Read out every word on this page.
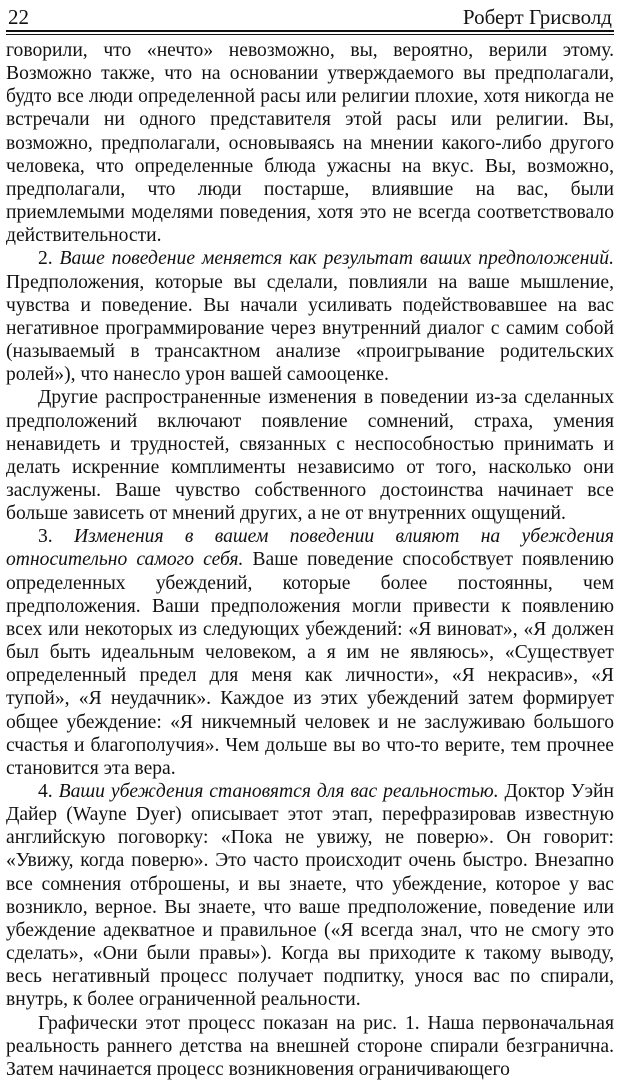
22	Роберт Грисволд

говорили, что «нечто» невозможно, вы, вероятно, верили этому. Возможно также, что на основании утверждаемого вы предполагали, будто все люди определенной расы или религии плохие, хотя никогда не встречали ни одного представителя этой расы или религии. Вы, возможно, предполагали, основываясь на мнении какого-либо другого человека, что определенные блюда ужасны на вкус. Вы, возможно, предполагали, что люди постарше, влиявшие на вас, были приемлемыми моделями поведения, хотя это не всегда соответствовало действительности.

2. Ваше поведение меняется как результат ваших предположений. Предположения, которые вы сделали, повлияли на ваше мышление, чувства и поведение. Вы начали усиливать подействовавшее на вас негативное программирование через внутренний диалог с самим собой (называемый в трансактном анализе «проигрывание родительских ролей»), что нанесло урон вашей самооценке.

Другие распространенные изменения в поведении из-за сделанных предположений включают появление сомнений, страха, умения ненавидеть и трудностей, связанных с неспособностью принимать и делать искренние комплименты независимо от того, насколько они заслужены. Ваше чувство собственного достоинства начинает все больше зависеть от мнений других, а не от внутренних ощущений.

3. Изменения в вашем поведении влияют на убеждения относительно самого себя. Ваше поведение способствует появлению определенных убеждений, которые более постоянны, чем предположения. Ваши предположения могли привести к появлению всех или некоторых из следующих убеждений: «Я виноват», «Я должен был быть идеальным человеком, а я им не являюсь», «Существует определенный предел для меня как личности», «Я некрасив», «Я тупой», «Я неудачник». Каждое из этих убеждений затем формирует общее убеждение: «Я никчемный человек и не заслуживаю большого счастья и благополучия». Чем дольше вы во что-то верите, тем прочнее становится эта вера.

4. Ваши убеждения становятся для вас реальностью. Доктор Уэйн Дайер (Wayne Dyer) описывает этот этап, перефразировав известную английскую поговорку: «Пока не увижу, не поверю». Он говорит: «Увижу, когда поверю». Это часто происходит очень быстро. Внезапно все сомнения отброшены, и вы знаете, что убеждение, которое у вас возникло, верное. Вы знаете, что ваше предположение, поведение или убеждение адекватное и правильное («Я всегда знал, что не смогу это сделать», «Они были правы»). Когда вы приходите к такому выводу, весь негативный процесс получает подпитку, унося вас по спирали, внутрь, к более ограниченной реальности.

Графически этот процесс показан на рис. 1. Наша первоначальная реальность раннего детства на внешней стороне спирали безгранична. Затем начинается процесс возникновения ограничивающего
